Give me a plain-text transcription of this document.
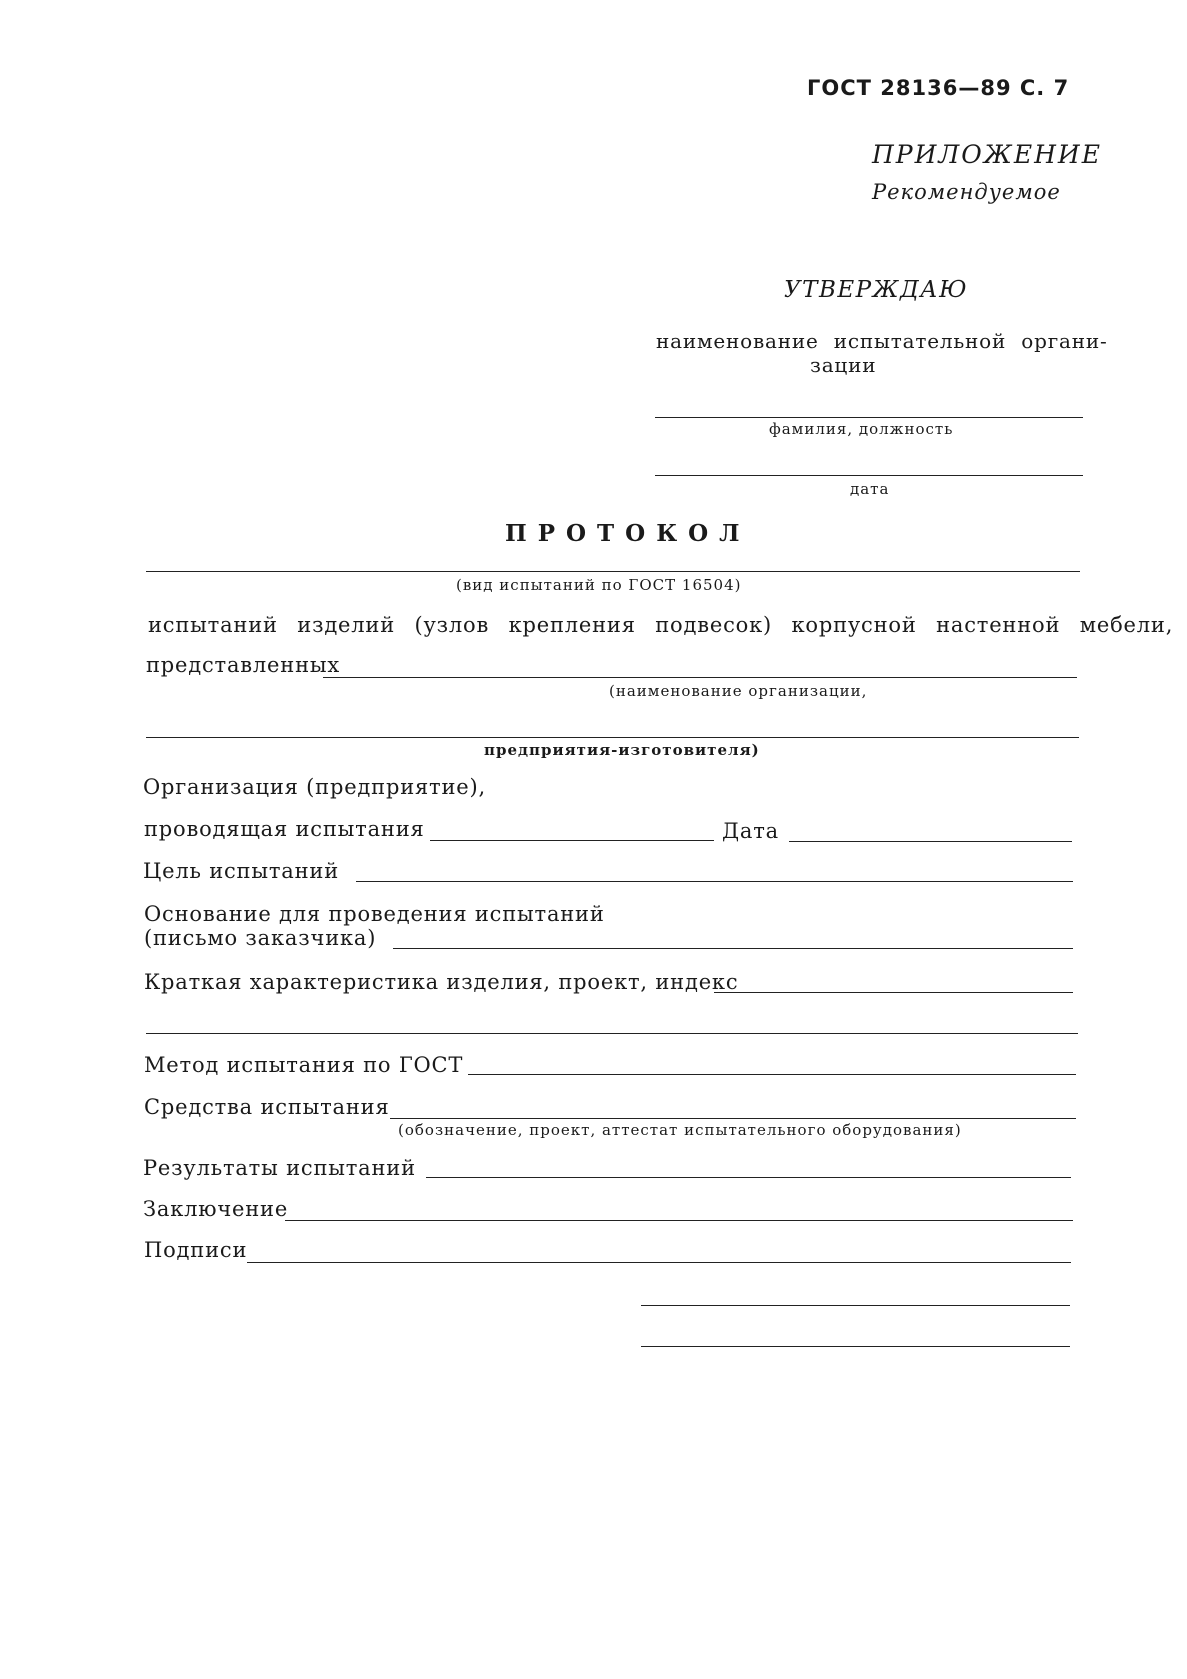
ГОСТ 28136—89 С. 7
ПРИЛОЖЕНИЕ
Рекомендуемое
УТВЕРЖДАЮ
наименование испытательной органи-
зации
фамилия, должность
дата
ПРОТОКОЛ
(вид испытаний по ГОСТ 16504)
испытаний изделий (узлов крепления подвесок) корпусной настенной мебели,
представленных
(наименование организации,
предприятия-изготовителя)
Организация (предприятие),
проводящая испытания	Дата
Цель испытаний
Основание для проведения испытаний
(письмо заказчика)
Краткая характеристика изделия, проект, индекс
Метод испытания по ГОСТ
Средства испытания
(обозначение, проект, аттестат испытательного оборудования)
Результаты испытаний
Заключение
Подписи
